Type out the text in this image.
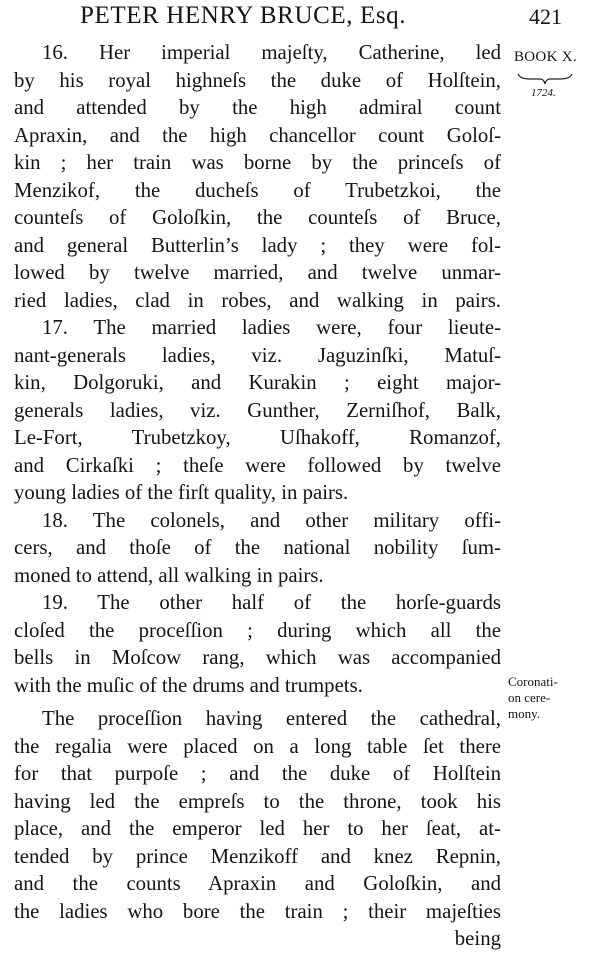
PETER HENRY BRUCE, Esq.	421
BOOK X.
1724.
Coronati-
on cere-
mony.
16. Her imperial majeſty, Catherine, led
by his royal highneſs the duke of Holſtein,
and attended by the high admiral count
Apraxin, and the high chancellor count Goloſ-
kin ; her train was borne by the princeſs of
Menzikof, the ducheſs of Trubetzkoi, the
counteſs of Goloſkin, the counteſs of Bruce,
and general Butterlin’s lady ; they were fol-
lowed by twelve married, and twelve unmar-
ried ladies, clad in robes, and walking in pairs.
17. The married ladies were, four lieute-
nant-generals ladies, viz. Jaguzinſki, Matuſ-
kin, Dolgoruki, and Kurakin ; eight major-
generals ladies, viz. Gunther, Zerniſhof, Balk,
Le-Fort, Trubetzkoy, Uſhakoff, Romanzof,
and Cirkaſki ; theſe were followed by twelve
young ladies of the firſt quality, in pairs.
18. The colonels, and other military offi-
cers, and thoſe of the national nobility ſum-
moned to attend, all walking in pairs.
19. The other half of the horſe-guards
cloſed the proceſſion ; during which all the
bells in Moſcow rang, which was accompanied
with the muſic of the drums and trumpets.
The proceſſion having entered the cathedral,
the regalia were placed on a long table ſet there
for that purpoſe ; and the duke of Holſtein
having led the empreſs to the throne, took his
place, and the emperor led her to her ſeat, at-
tended by prince Menzikoff and knez Repnin,
and the counts Apraxin and Goloſkin, and
the ladies who bore the train ; their majeſties
being
